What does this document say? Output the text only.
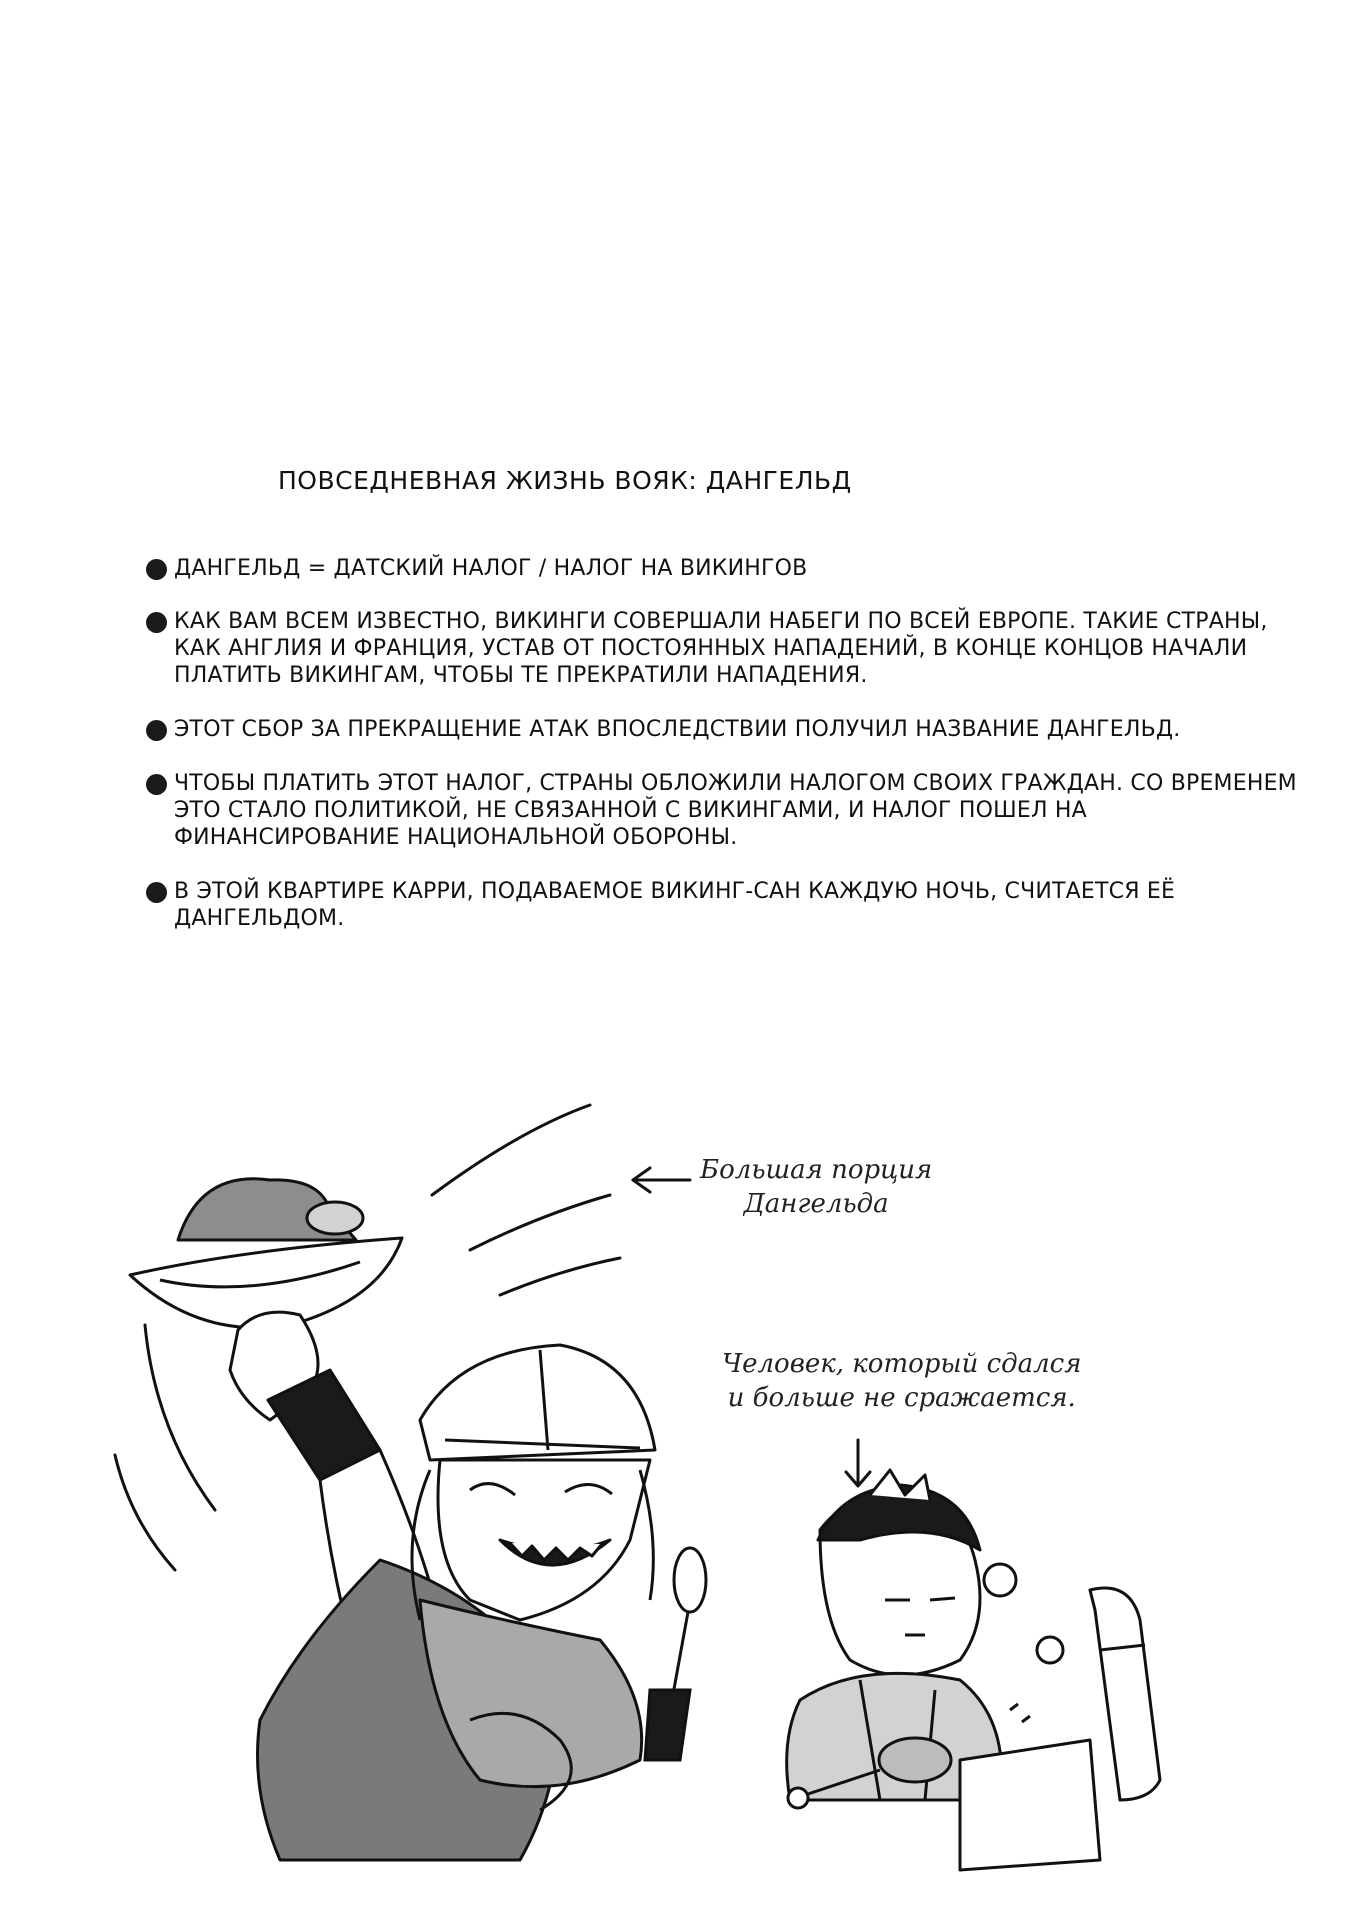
ПОВСЕДНЕВНАЯ ЖИЗНЬ ВОЯК: ДАНГЕЛЬД
ДАНГЕЛЬД = ДАТСКИЙ НАЛОГ / НАЛОГ НА ВИКИНГОВ
КАК ВАМ ВСЕМ ИЗВЕСТНО, ВИКИНГИ СОВЕРШАЛИ НАБЕГИ ПО ВСЕЙ ЕВРОПЕ. ТАКИЕ СТРАНЫ, КАК АНГЛИЯ И ФРАНЦИЯ, УСТАВ ОТ ПОСТОЯННЫХ НАПАДЕНИЙ, В КОНЦЕ КОНЦОВ НАЧАЛИ ПЛАТИТЬ ВИКИНГАМ, ЧТОБЫ ТЕ ПРЕКРАТИЛИ НАПАДЕНИЯ.
ЭТОТ СБОР ЗА ПРЕКРАЩЕНИЕ АТАК ВПОСЛЕДСТВИИ ПОЛУЧИЛ НАЗВАНИЕ ДАНГЕЛЬД.
ЧТОБЫ ПЛАТИТЬ ЭТОТ НАЛОГ, СТРАНЫ ОБЛОЖИЛИ НАЛОГОМ СВОИХ ГРАЖДАН. СО ВРЕМЕНЕМ ЭТО СТАЛО ПОЛИТИКОЙ, НЕ СВЯЗАННОЙ С ВИКИНГАМИ, И НАЛОГ ПОШЕЛ НА ФИНАНСИРОВАНИЕ НАЦИОНАЛЬНОЙ ОБОРОНЫ.
В ЭТОЙ КВАРТИРЕ КАРРИ, ПОДАВАЕМОЕ ВИКИНГ-САН КАЖДУЮ НОЧЬ, СЧИТАЕТСЯ ЕЁ ДАНГЕЛЬДОМ.
Большая порция
Дангельда
Человек, который сдался
и больше не сражается.
